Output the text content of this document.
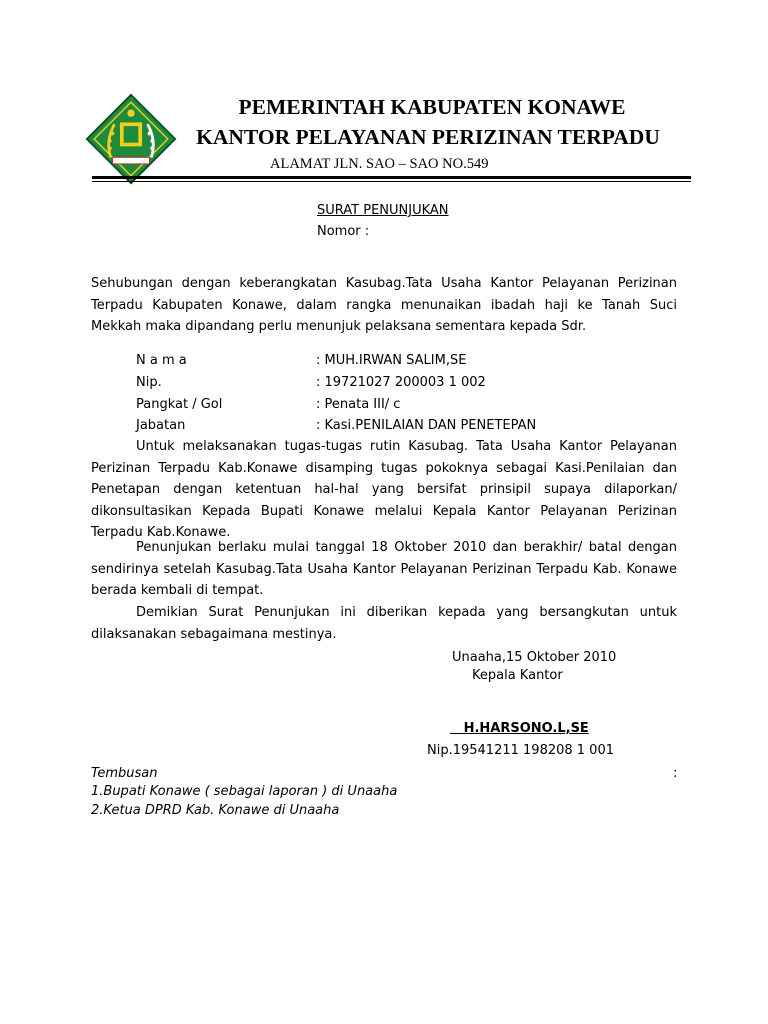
PEMERINTAH KABUPATEN KONAWE
KANTOR PELAYANAN PERIZINAN TERPADU
ALAMAT JLN. SAO – SAO NO.549
SURAT PENUNJUKAN
Nomor :

Sehubungan dengan keberangkatan Kasubag.Tata Usaha Kantor Pelayanan Perizinan Terpadu Kabupaten Konawe, dalam rangka menunaikan ibadah haji ke Tanah Suci Mekkah maka dipandang perlu menunjuk pelaksana sementara kepada Sdr.

N a m a	: MUH.IRWAN SALIM,SE
Nip.	: 19721027 200003 1 002
Pangkat / Gol	: Penata III/ c
Jabatan	: Kasi.PENILAIAN DAN PENETEPAN

Untuk melaksanakan tugas-tugas rutin Kasubag. Tata Usaha Kantor Pelayanan Perizinan Terpadu Kab.Konawe disamping tugas pokoknya sebagai Kasi.Penilaian dan Penetapan dengan ketentuan hal-hal yang bersifat prinsipil supaya dilaporkan/ dikonsultasikan Kepada Bupati Konawe melalui Kepala Kantor Pelayanan Perizinan Terpadu Kab.Konawe.

Penunjukan berlaku mulai tanggal 18 Oktober 2010 dan berakhir/ batal dengan sendirinya setelah Kasubag.Tata Usaha Kantor Pelayanan Perizinan Terpadu Kab. Konawe berada kembali di tempat.

Demikian Surat Penunjukan ini diberikan kepada yang bersangkutan untuk dilaksanakan sebagaimana mestinya.

Unaaha,15 Oktober 2010
Kepala Kantor
H.HARSONO.L,SE
Nip.19541211 198208 1 001
Tembusan	:
1.Bupati Konawe ( sebagai laporan ) di Unaaha
2.Ketua DPRD Kab. Konawe di Unaaha
